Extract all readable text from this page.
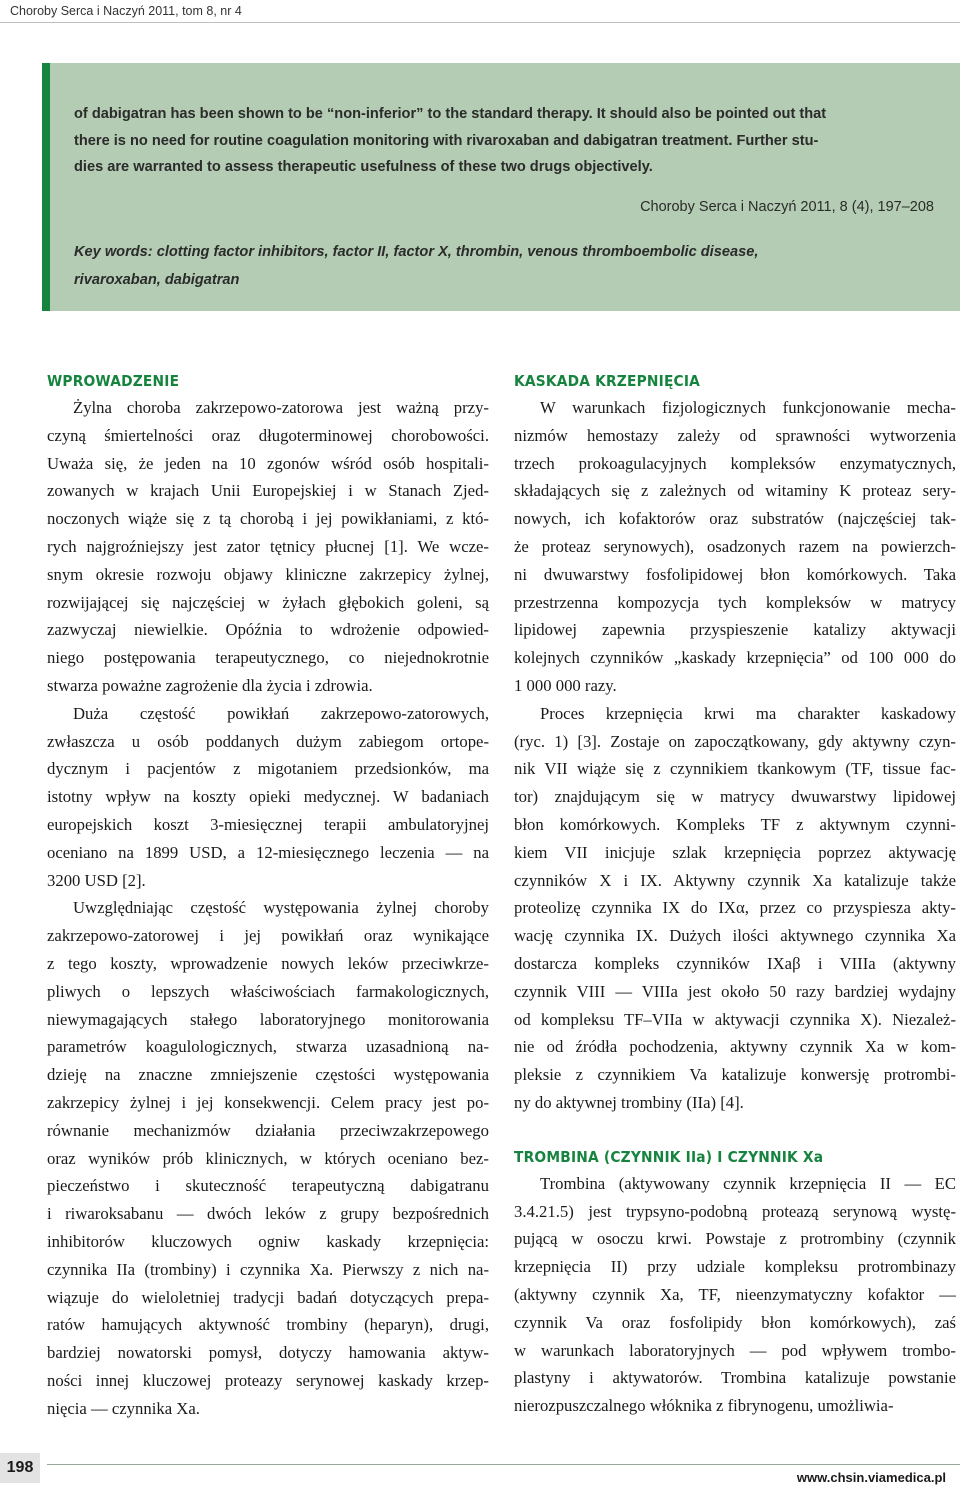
Choroby Serca i Naczyń 2011, tom 8, nr 4
of dabigatran has been shown to be “non-inferior” to the standard therapy. It should also be pointed out that
there is no need for routine coagulation monitoring with rivaroxaban and dabigatran treatment. Further stu-
dies are warranted to assess therapeutic usefulness of these two drugs objectively.
Choroby Serca i Naczyń 2011, 8 (4), 197–208
Key words: clotting factor inhibitors, factor II, factor X, thrombin, venous thromboembolic disease,
rivaroxaban, dabigatran
WPROWADZENIE

Żylna choroba zakrzepowo-zatorowa jest ważną przy-
czyną śmiertelności oraz długoterminowej chorobowości.
Uważa się, że jeden na 10 zgonów wśród osób hospitali-
zowanych w krajach Unii Europejskiej i w Stanach Zjed-
noczonych wiąże się z tą chorobą i jej powikłaniami, z któ-
rych najgroźniejszy jest zator tętnicy płucnej [1]. We wcze-
snym okresie rozwoju objawy kliniczne zakrzepicy żylnej,
rozwijającej się najczęściej w żyłach głębokich goleni, są
zazwyczaj niewielkie. Opóźnia to wdrożenie odpowied-
niego postępowania terapeutycznego, co niejednokrotnie
stwarza poważne zagrożenie dla życia i zdrowia.

Duża częstość powikłań zakrzepowo-zatorowych,
zwłaszcza u osób poddanych dużym zabiegom ortope-
dycznym i pacjentów z migotaniem przedsionków, ma
istotny wpływ na koszty opieki medycznej. W badaniach
europejskich koszt 3-miesięcznej terapii ambulatoryjnej
oceniano na 1899 USD, a 12-miesięcznego leczenia — na
3200 USD [2].

Uwzględniając częstość występowania żylnej choroby
zakrzepowo-zatorowej i jej powikłań oraz wynikające
z tego koszty, wprowadzenie nowych leków przeciwkrze-
pliwych o lepszych właściwościach farmakologicznych,
niewymagających stałego laboratoryjnego monitorowania
parametrów koagulologicznych, stwarza uzasadnioną na-
dzieję na znaczne zmniejszenie częstości występowania
zakrzepicy żylnej i jej konsekwencji. Celem pracy jest po-
równanie mechanizmów działania przeciwzakrzepowego
oraz wyników prób klinicznych, w których oceniano bez-
pieczeństwo i skuteczność terapeutyczną dabigatranu
i riwaroksabanu — dwóch leków z grupy bezpośrednich
inhibitorów kluczowych ogniw kaskady krzepnięcia:
czynnika IIa (trombiny) i czynnika Xa. Pierwszy z nich na-
wiązuje do wieloletniej tradycji badań dotyczących prepa-
ratów hamujących aktywność trombiny (heparyn), drugi,
bardziej nowatorski pomysł, dotyczy hamowania aktyw-
ności innej kluczowej proteazy serynowej kaskady krzep-
nięcia — czynnika Xa.

KASKADA KRZEPNIĘCIA

W warunkach fizjologicznych funkcjonowanie mecha-
nizmów hemostazy zależy od sprawności wytworzenia
trzech prokoagulacyjnych kompleksów enzymatycznych,
składających się z zależnych od witaminy K proteaz sery-
nowych, ich kofaktorów oraz substratów (najczęściej tak-
że proteaz serynowych), osadzonych razem na powierzch-
ni dwuwarstwy fosfolipidowej błon komórkowych. Taka
przestrzenna kompozycja tych kompleksów w matrycy
lipidowej zapewnia przyspieszenie katalizy aktywacji
kolejnych czynników „kaskady krzepnięcia” od 100 000 do
1 000 000 razy.

Proces krzepnięcia krwi ma charakter kaskadowy
(ryc. 1) [3]. Zostaje on zapoczątkowany, gdy aktywny czyn-
nik VII wiąże się z czynnikiem tkankowym (TF, tissue fac-
tor) znajdującym się w matrycy dwuwarstwy lipidowej
błon komórkowych. Kompleks TF z aktywnym czynni-
kiem VII inicjuje szlak krzepnięcia poprzez aktywację
czynników X i IX. Aktywny czynnik Xa katalizuje także
proteolizę czynnika IX do IXα, przez co przyspiesza akty-
wację czynnika IX. Dużych ilości aktywnego czynnika Xa
dostarcza kompleks czynników IXaβ i VIIIa (aktywny
czynnik VIII — VIIIa jest około 50 razy bardziej wydajny
od kompleksu TF–VIIa w aktywacji czynnika X). Niezależ-
nie od źródła pochodzenia, aktywny czynnik Xa w kom-
pleksie z czynnikiem Va katalizuje konwersję protrombi-
ny do aktywnej trombiny (IIa) [4].

TROMBINA (CZYNNIK IIa) I CZYNNIK Xa

Trombina (aktywowany czynnik krzepnięcia II — EC
3.4.21.5) jest trypsyno-podobną proteazą serynową wystę-
pującą w osoczu krwi. Powstaje z protrombiny (czynnik
krzepnięcia II) przy udziale kompleksu protrombinazy
(aktywny czynnik Xa, TF, nieenzymatyczny kofaktor —
czynnik Va oraz fosfolipidy błon komórkowych), zaś
w warunkach laboratoryjnych — pod wpływem trombo-
plastyny i aktywatorów. Trombina katalizuje powstanie
nierozpuszczalnego włóknika z fibrynogenu, umożliwia-

198
www.chsin.viamedica.pl
